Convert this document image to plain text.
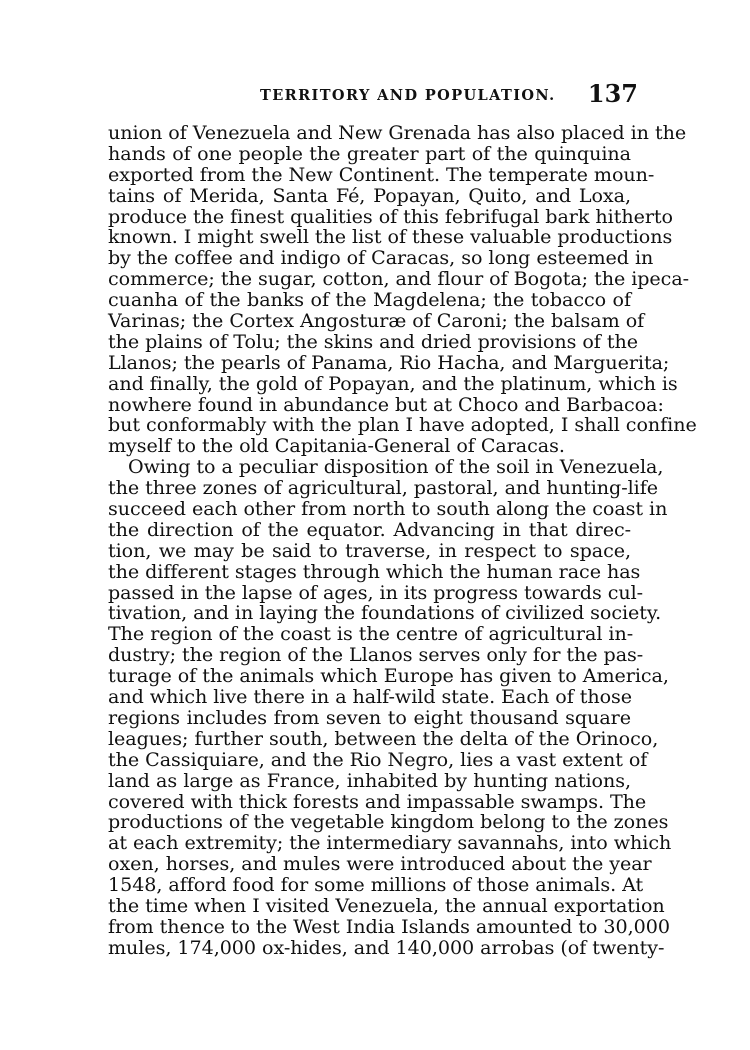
TERRITORY AND POPULATION. 137
union of Venezuela and New Grenada has also placed in the
hands of one people the greater part of the quinquina
exported from the New Continent. The temperate moun-
tains of Merida, Santa Fé, Popayan, Quito, and Loxa,
produce the finest qualities of this febrifugal bark hitherto
known. I might swell the list of these valuable productions
by the coffee and indigo of Caracas, so long esteemed in
commerce; the sugar, cotton, and flour of Bogota; the ipeca-
cuanha of the banks of the Magdelena; the tobacco of
Varinas; the Cortex Angosturæ of Caroni; the balsam of
the plains of Tolu; the skins and dried provisions of the
Llanos; the pearls of Panama, Rio Hacha, and Marguerita;
and finally, the gold of Popayan, and the platinum, which is
nowhere found in abundance but at Choco and Barbacoa:
but conformably with the plan I have adopted, I shall confine
myself to the old Capitania-General of Caracas.
Owing to a peculiar disposition of the soil in Venezuela,
the three zones of agricultural, pastoral, and hunting-life
succeed each other from north to south along the coast in
the direction of the equator. Advancing in that direc-
tion, we may be said to traverse, in respect to space,
the different stages through which the human race has
passed in the lapse of ages, in its progress towards cul-
tivation, and in laying the foundations of civilized society.
The region of the coast is the centre of agricultural in-
dustry; the region of the Llanos serves only for the pas-
turage of the animals which Europe has given to America,
and which live there in a half-wild state. Each of those
regions includes from seven to eight thousand square
leagues; further south, between the delta of the Orinoco,
the Cassiquiare, and the Rio Negro, lies a vast extent of
land as large as France, inhabited by hunting nations,
covered with thick forests and impassable swamps. The
productions of the vegetable kingdom belong to the zones
at each extremity; the intermediary savannahs, into which
oxen, horses, and mules were introduced about the year
1548, afford food for some millions of those animals. At
the time when I visited Venezuela, the annual exportation
from thence to the West India Islands amounted to 30,000
mules, 174,000 ox-hides, and 140,000 arrobas (of twenty-
